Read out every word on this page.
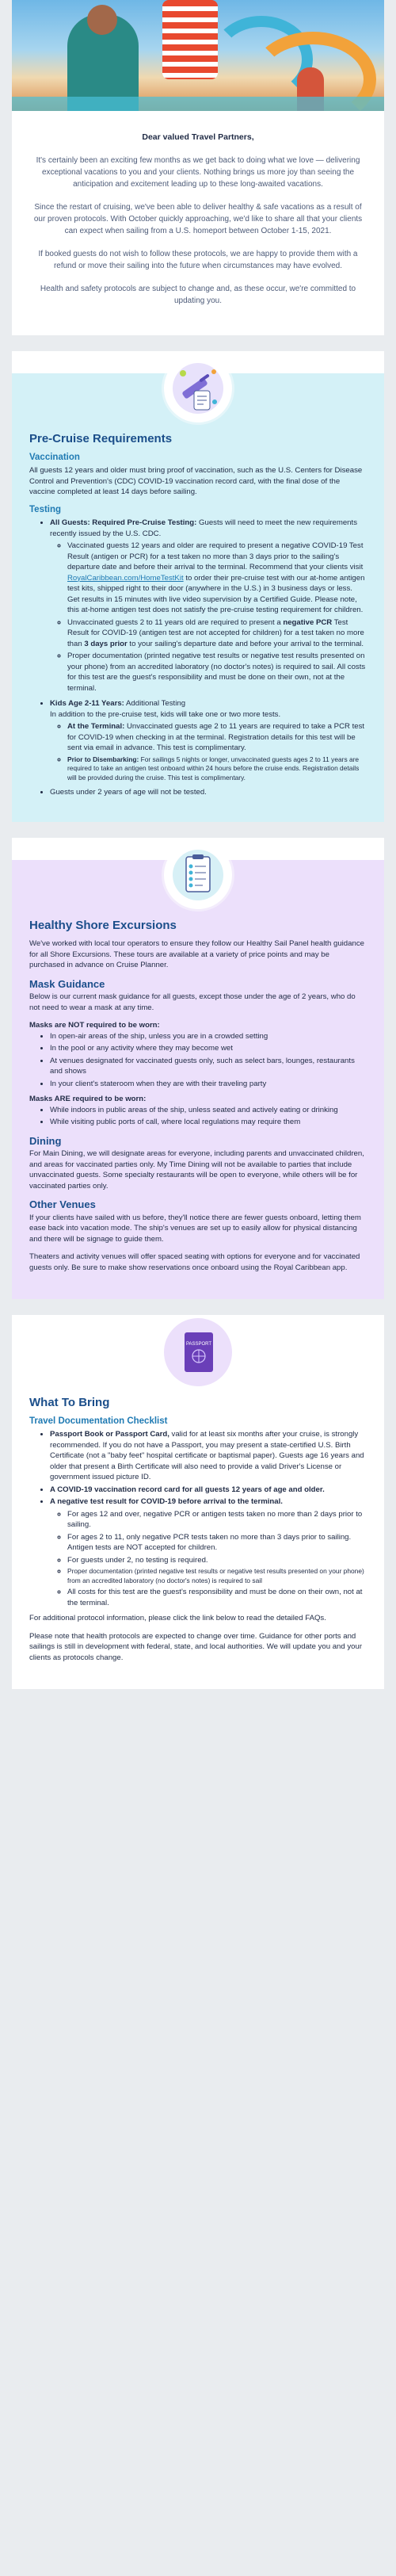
Dear valued Travel Partners,

It's certainly been an exciting few months as we get back to doing what we love — delivering exceptional vacations to you and your clients. Nothing brings us more joy than seeing the anticipation and excitement leading up to these long-awaited vacations.

Since the restart of cruising, we've been able to deliver healthy & safe vacations as a result of our proven protocols. With October quickly approaching, we'd like to share all that your clients can expect when sailing from a U.S. homeport between October 1-15, 2021.

If booked guests do not wish to follow these protocols, we are happy to provide them with a refund or move their sailing into the future when circumstances may have evolved.

Health and safety protocols are subject to change and, as these occur, we're committed to updating you.

Pre-Cruise Requirements
Vaccination

All guests 12 years and older must bring proof of vaccination, such as the U.S. Centers for Disease Control and Prevention's (CDC) COVID-19 vaccination record card, with the final dose of the vaccine completed at least 14 days before sailing.

Testing
• All Guests: Required Pre-Cruise Testing: Guests will need to meet the new requirements recently issued by the U.S. CDC.
◦ Vaccinated guests 12 years and older are required to present a negative COVID-19 Test Result (antigen or PCR) for a test taken no more than 3 days prior to the sailing's departure date and before their arrival to the terminal. Recommend that your clients visit RoyalCaribbean.com/HomeTestKit to order their pre-cruise test with our at-home antigen test kits, shipped right to their door (anywhere in the U.S.) in 3 business days or less. Get results in 15 minutes with live video supervision by a Certified Guide. Please note, this at-home antigen test does not satisfy the pre-cruise testing requirement for children.
◦ Unvaccinated guests 2 to 11 years old are required to present a negative PCR Test Result for COVID-19 (antigen test are not accepted for children) for a test taken no more than 3 days prior to your sailing's departure date and before your arrival to the terminal.
◦ Proper documentation (printed negative test results or negative test results presented on your phone) from an accredited laboratory (no doctor's notes) is required to sail. All costs for this test are the guest's responsibility and must be done on their own, not at the terminal.
• Kids Age 2-11 Years: Additional Testing
In addition to the pre-cruise test, kids will take one or two more tests.
◦ At the Terminal: Unvaccinated guests age 2 to 11 years are required to take a PCR test for COVID-19 when checking in at the terminal. Registration details for this test will be sent via email in advance. This test is complimentary.
◦ Prior to Disembarking: For sailings 5 nights or longer, unvaccinated guests ages 2 to 11 years are required to take an antigen test onboard within 24 hours before the cruise ends. Registration details will be provided during the cruise. This test is complimentary.
• Guests under 2 years of age will not be tested.
Healthy Shore Excursions

We've worked with local tour operators to ensure they follow our Healthy Sail Panel health guidance for all Shore Excursions. These tours are available at a variety of price points and may be purchased in advance on Cruise Planner.

Mask Guidance

Below is our current mask guidance for all guests, except those under the age of 2 years, who do not need to wear a mask at any time.

Masks are NOT required to be worn:
• In open-air areas of the ship, unless you are in a crowded setting
• In the pool or any activity where they may become wet
• At venues designated for vaccinated guests only, such as select bars, lounges, restaurants and shows
• In your client's stateroom when they are with their traveling party
Masks ARE required to be worn:
• While indoors in public areas of the ship, unless seated and actively eating or drinking
• While visiting public ports of call, where local regulations may require them
Dining

For Main Dining, we will designate areas for everyone, including parents and unvaccinated children, and areas for vaccinated parties only. My Time Dining will not be available to parties that include unvaccinated guests. Some specialty restaurants will be open to everyone, while others will be for vaccinated parties only.

Other Venues

If your clients have sailed with us before, they'll notice there are fewer guests onboard, letting them ease back into vacation mode. The ship's venues are set up to easily allow for physical distancing and there will be signage to guide them.

Theaters and activity venues will offer spaced seating with options for everyone and for vaccinated guests only. Be sure to make show reservations once onboard using the Royal Caribbean app.

PASSPORT
What To Bring
Travel Documentation Checklist
• Passport Book or Passport Card, valid for at least six months after your cruise, is strongly recommended. If you do not have a Passport, you may present a state-certified U.S. Birth Certificate (not a "baby feet" hospital certificate or baptismal paper). Guests age 16 years and older that present a Birth Certificate will also need to provide a valid Driver's License or government issued picture ID.
• A COVID-19 vaccination record card for all guests 12 years of age and older.
• A negative test result for COVID-19 before arrival to the terminal.
◦ For ages 12 and over, negative PCR or antigen tests taken no more than 2 days prior to sailing.
◦ For ages 2 to 11, only negative PCR tests taken no more than 3 days prior to sailing. Antigen tests are NOT accepted for children.
◦ For guests under 2, no testing is required.
◦ Proper documentation (printed negative test results or negative test results presented on your phone) from an accredited laboratory (no doctor's notes) is required to sail
◦ All costs for this test are the guest's responsibility and must be done on their own, not at the terminal.

For additional protocol information, please click the link below to read the detailed FAQs.

Please note that health protocols are expected to change over time. Guidance for other ports and sailings is still in development with federal, state, and local authorities. We will update you and your clients as protocols change.
